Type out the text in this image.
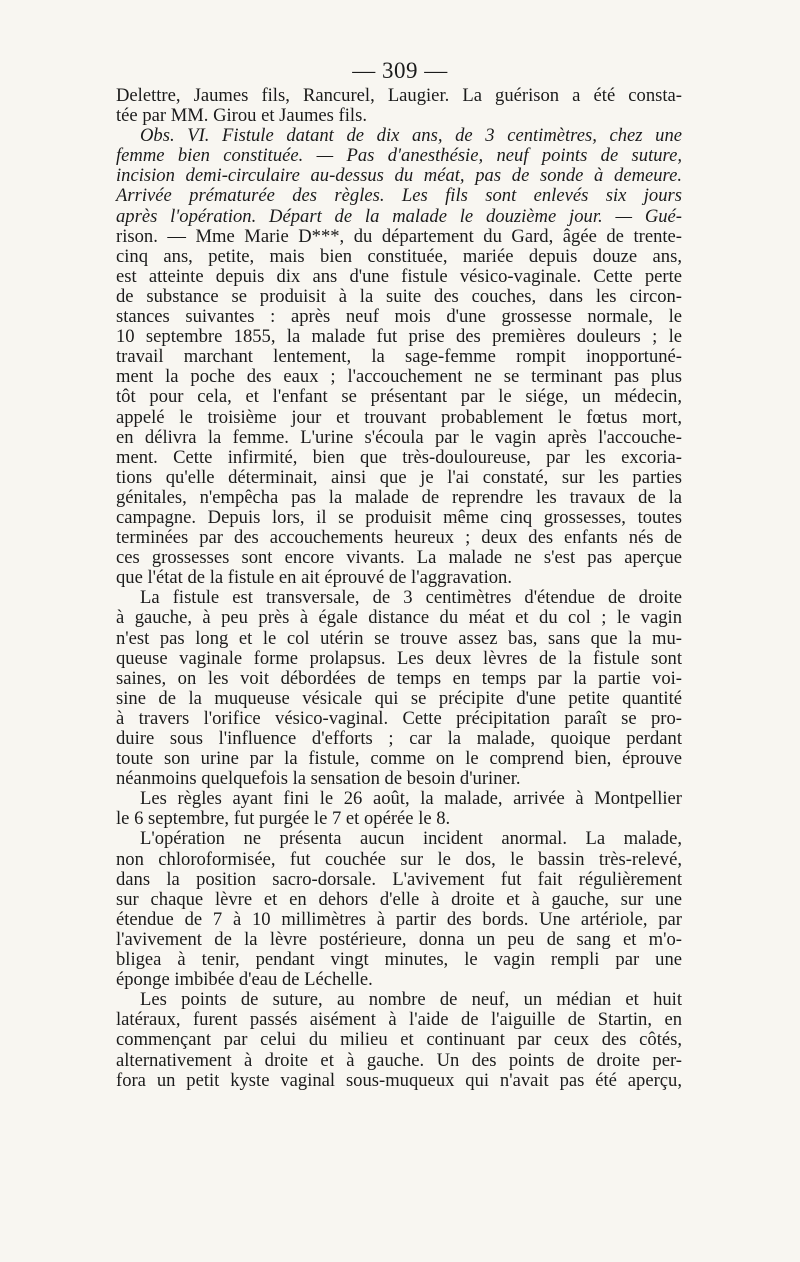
— 309 —
Delettre, Jaumes fils, Rancurel, Laugier. La guérison a été consta-
tée par MM. Girou et Jaumes fils.
Obs. VI. Fistule datant de dix ans, de 3 centimètres, chez une
femme bien constituée. — Pas d'anesthésie, neuf points de suture,
incision demi-circulaire au-dessus du méat, pas de sonde à demeure.
Arrivée prématurée des règles. Les fils sont enlevés six jours
après l'opération. Départ de la malade le douzième jour. — Gué-
rison. — Mme Marie D***, du département du Gard, âgée de trente-
cinq ans, petite, mais bien constituée, mariée depuis douze ans,
est atteinte depuis dix ans d'une fistule vésico-vaginale. Cette perte
de substance se produisit à la suite des couches, dans les circon-
stances suivantes : après neuf mois d'une grossesse normale, le
10 septembre 1855, la malade fut prise des premières douleurs ; le
travail marchant lentement, la sage-femme rompit inopportuné-
ment la poche des eaux ; l'accouchement ne se terminant pas plus
tôt pour cela, et l'enfant se présentant par le siége, un médecin,
appelé le troisième jour et trouvant probablement le fœtus mort,
en délivra la femme. L'urine s'écoula par le vagin après l'accouche-
ment. Cette infirmité, bien que très-douloureuse, par les excoria-
tions qu'elle déterminait, ainsi que je l'ai constaté, sur les parties
génitales, n'empêcha pas la malade de reprendre les travaux de la
campagne. Depuis lors, il se produisit même cinq grossesses, toutes
terminées par des accouchements heureux ; deux des enfants nés de
ces grossesses sont encore vivants. La malade ne s'est pas aperçue
que l'état de la fistule en ait éprouvé de l'aggravation.
La fistule est transversale, de 3 centimètres d'étendue de droite
à gauche, à peu près à égale distance du méat et du col ; le vagin
n'est pas long et le col utérin se trouve assez bas, sans que la mu-
queuse vaginale forme prolapsus. Les deux lèvres de la fistule sont
saines, on les voit débordées de temps en temps par la partie voi-
sine de la muqueuse vésicale qui se précipite d'une petite quantité
à travers l'orifice vésico-vaginal. Cette précipitation paraît se pro-
duire sous l'influence d'efforts ; car la malade, quoique perdant
toute son urine par la fistule, comme on le comprend bien, éprouve
néanmoins quelquefois la sensation de besoin d'uriner.
Les règles ayant fini le 26 août, la malade, arrivée à Montpellier
le 6 septembre, fut purgée le 7 et opérée le 8.
L'opération ne présenta aucun incident anormal. La malade,
non chloroformisée, fut couchée sur le dos, le bassin très-relevé,
dans la position sacro-dorsale. L'avivement fut fait régulièrement
sur chaque lèvre et en dehors d'elle à droite et à gauche, sur une
étendue de 7 à 10 millimètres à partir des bords. Une artériole, par
l'avivement de la lèvre postérieure, donna un peu de sang et m'o-
bligea à tenir, pendant vingt minutes, le vagin rempli par une
éponge imbibée d'eau de Léchelle.
Les points de suture, au nombre de neuf, un médian et huit
latéraux, furent passés aisément à l'aide de l'aiguille de Startin, en
commençant par celui du milieu et continuant par ceux des côtés,
alternativement à droite et à gauche. Un des points de droite per-
fora un petit kyste vaginal sous-muqueux qui n'avait pas été aperçu,
